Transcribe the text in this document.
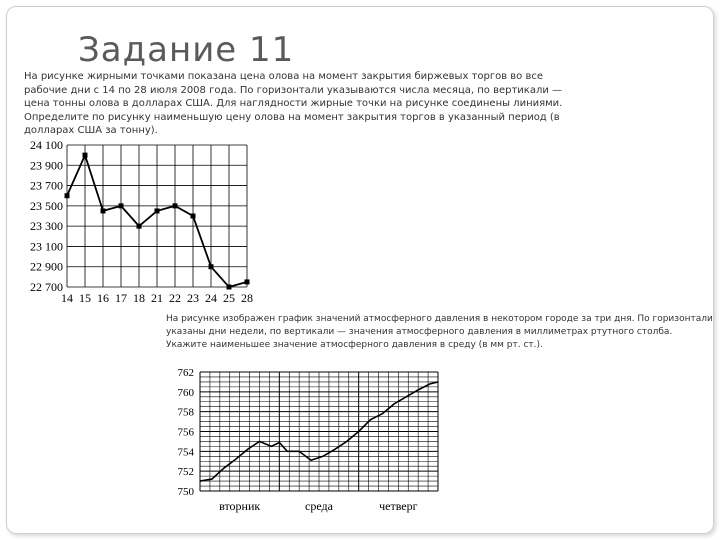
Задание 11
На рисунке жирными точками показана цена олова на момент закрытия биржевых торгов во все рабочие дни с 14 по 28 июля 2008 года. По горизонтали указываются числа месяца, по вертикали — цена тонны олова в долларах США. Для наглядности жирные точки на рисунке соединены линиями. Определите по рисунку наименьшую цену олова на момент закрытия торгов в указанный период (в долларах США за тонну).
На рисунке изображен график значений атмосферного давления в некотором городе за три дня. По горизонтали указаны дни недели, по вертикали — значения атмосферного давления в миллиметрах ртутного столба. Укажите наименьшее значение атмосферного давления в среду (в мм рт. ст.).
22 700
22 900
23 100
23 300
23 500
23 700
23 900
24 100
14 15 16 17 18 21 22 23 24 25 28
750
752
754
756
758
760
762
вторник	среда	четверг
